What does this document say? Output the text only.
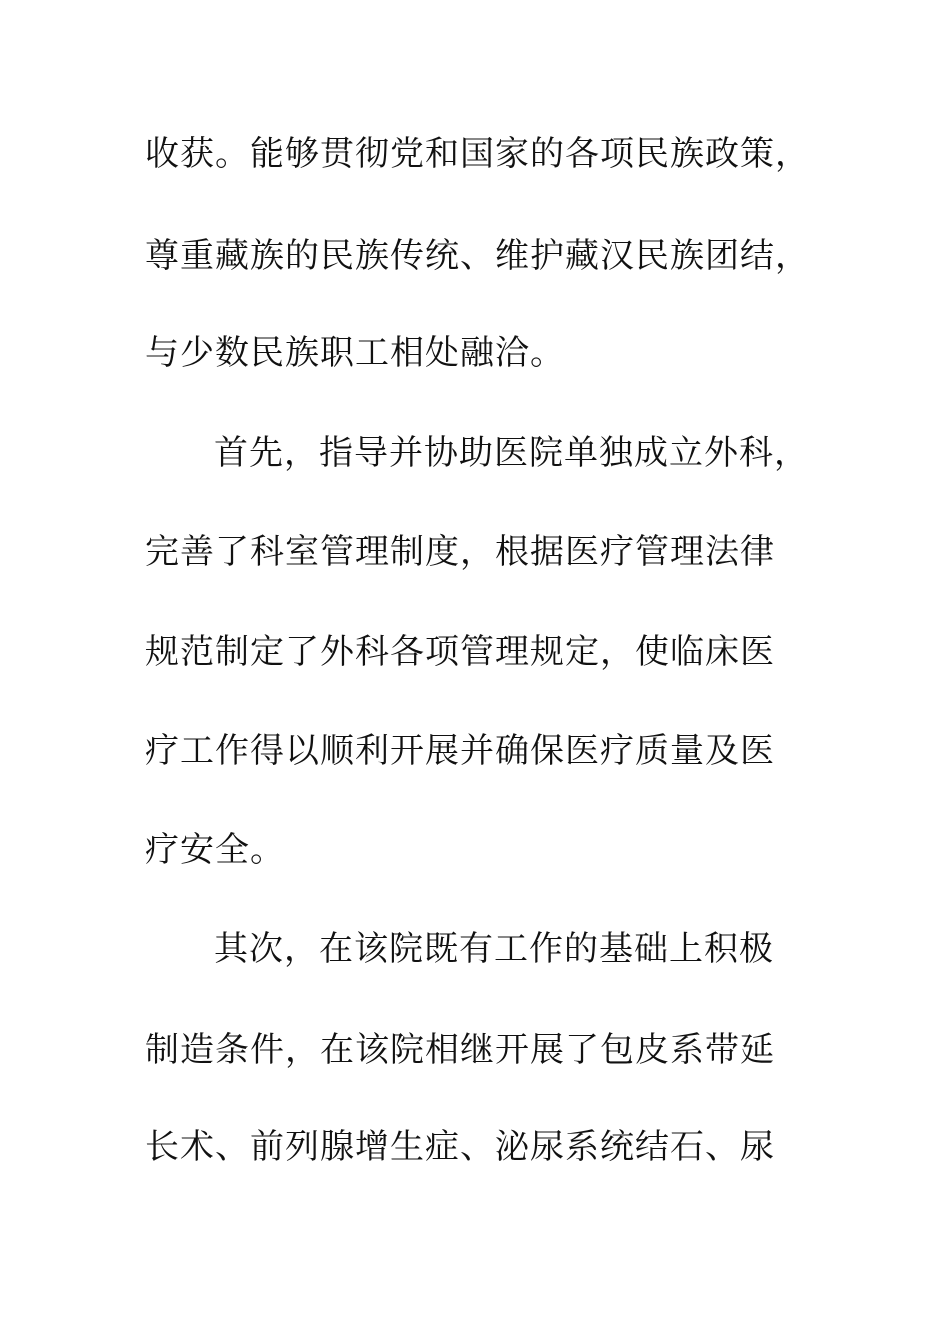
收获。能够贯彻党和国家的各项民族政策，
尊重藏族的民族传统、维护藏汉民族团结，
与少数民族职工相处融洽。
首先，指导并协助医院单独成立外科，
完善了科室管理制度，根据医疗管理法律
规范制定了外科各项管理规定，使临床医
疗工作得以顺利开展并确保医疗质量及医
疗安全。
其次，在该院既有工作的基础上积极
制造条件，在该院相继开展了包皮系带延
长术、前列腺增生症、泌尿系统结石、尿
